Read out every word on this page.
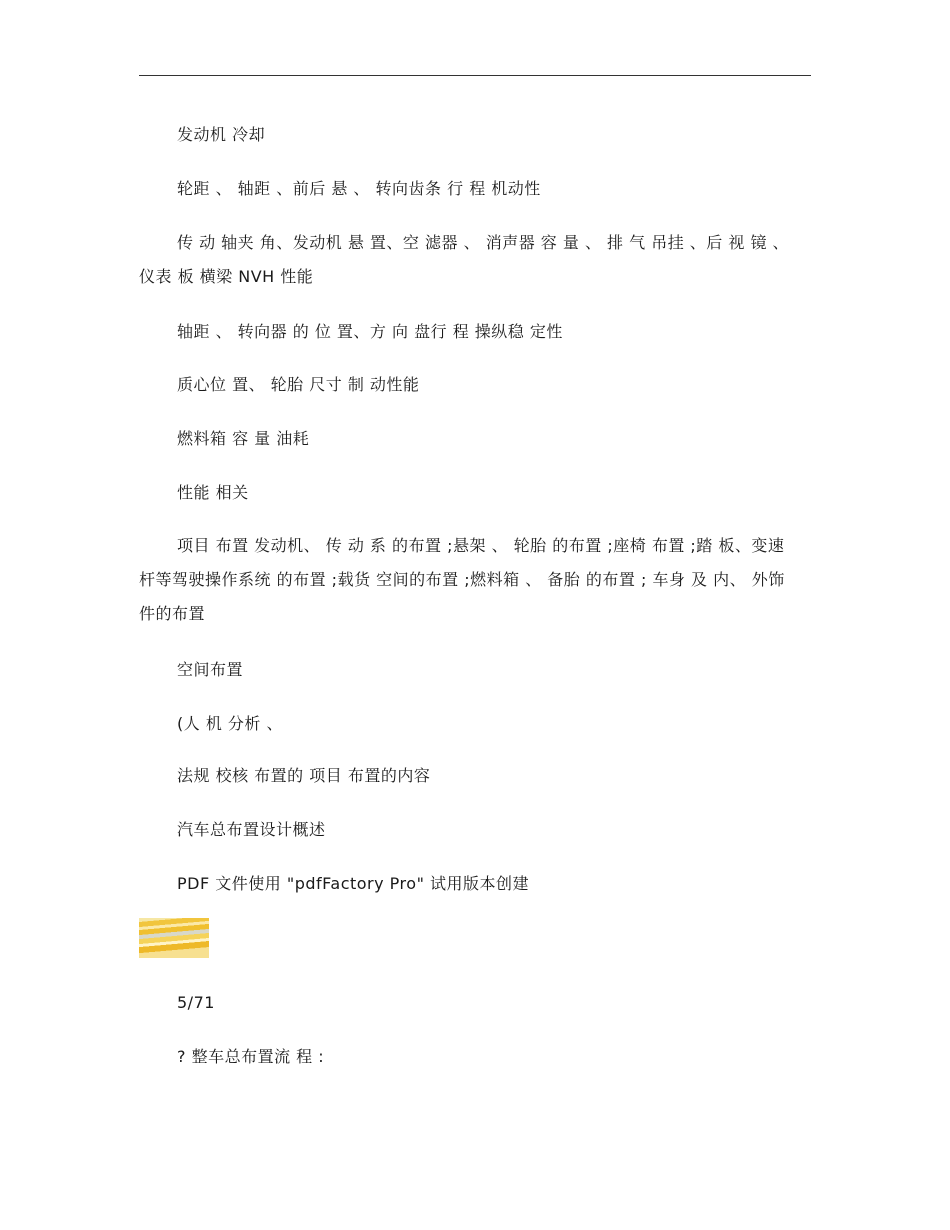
发动机 冷却

轮距 、 轴距 、前后 悬 、 转向齿条 行 程 机动性

传 动 轴夹 角、发动机 悬 置、空 滤器 、 消声器 容 量 、 排 气 吊挂 、后 视 镜 、 仪表 板 横梁 NVH 性能

轴距 、 转向器 的 位 置、方 向 盘行 程 操纵稳 定性

质心位 置、 轮胎 尺寸 制 动性能

燃料箱 容 量 油耗

性能 相关

项目 布置 发动机、 传 动 系 的布置 ;悬架 、 轮胎 的布置 ;座椅 布置 ;踏 板、变速杆等驾驶操作系统 的布置 ;载货 空间的布置 ;燃料箱 、 备胎 的布置 ; 车身 及 内、 外饰 件的布置

空间布置

(人 机 分析 、

法规 校核 布置的 项目 布置的内容

汽车总布置设计概述

PDF 文件使用 "pdfFactory Pro" 试用版本创建

5/71

? 整车总布置流 程 :
